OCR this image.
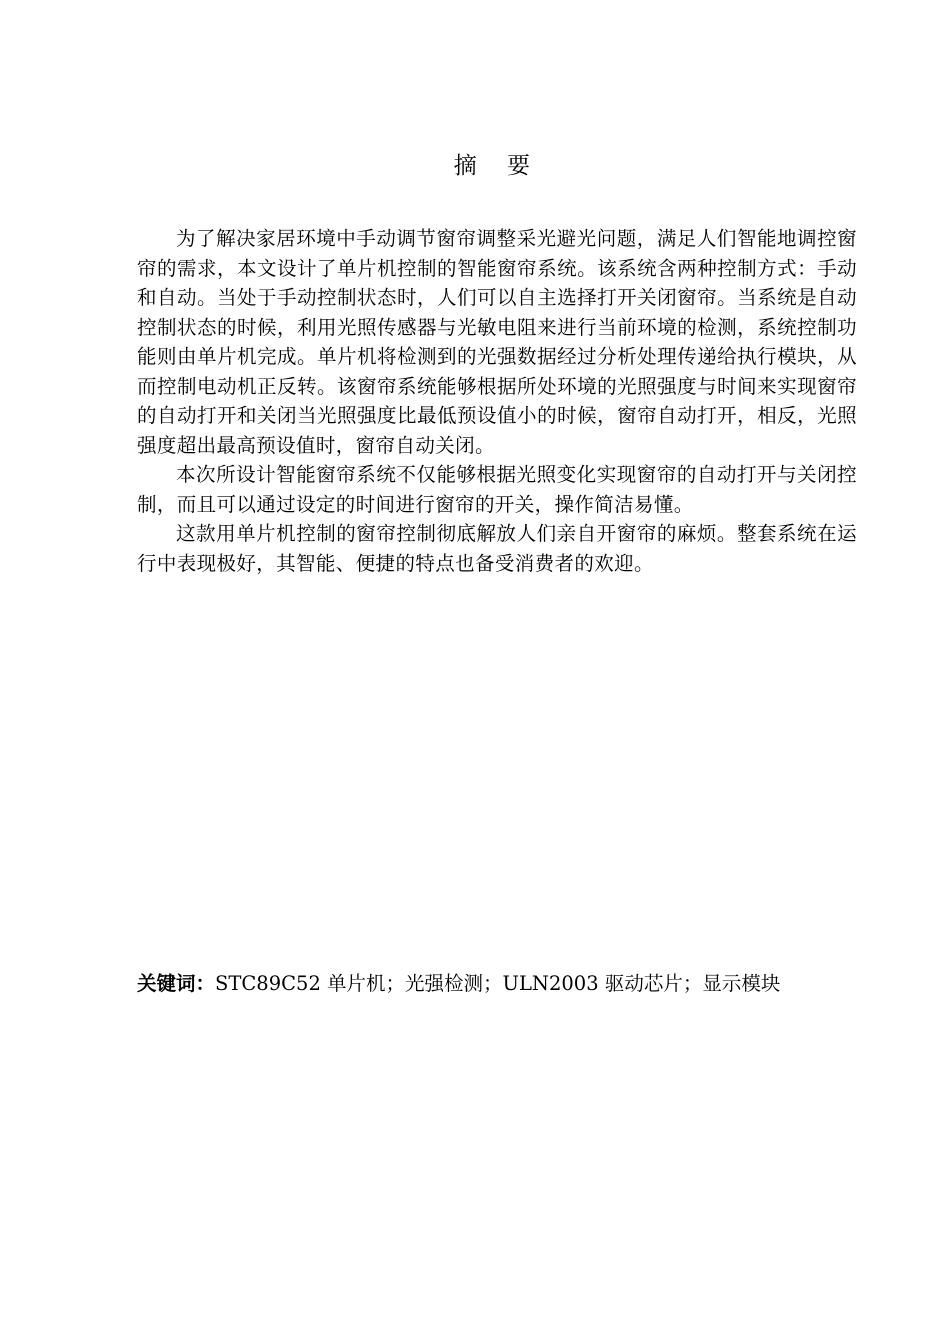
摘    要

为了解决家居环境中手动调节窗帘调整采光避光问题，满足人们智能地调控窗帘的需求，本文设计了单片机控制的智能窗帘系统。该系统含两种控制方式：手动和自动。当处于手动控制状态时，人们可以自主选择打开关闭窗帘。当系统是自动控制状态的时候，利用光照传感器与光敏电阻来进行当前环境的检测，系统控制功能则由单片机完成。单片机将检测到的光强数据经过分析处理传递给执行模块，从而控制电动机正反转。该窗帘系统能够根据所处环境的光照强度与时间来实现窗帘的自动打开和关闭当光照强度比最低预设值小的时候，窗帘自动打开，相反，光照强度超出最高预设值时，窗帘自动关闭。

本次所设计智能窗帘系统不仅能够根据光照变化实现窗帘的自动打开与关闭控制，而且可以通过设定的时间进行窗帘的开关，操作简洁易懂。

这款用单片机控制的窗帘控制彻底解放人们亲自开窗帘的麻烦。整套系统在运行中表现极好，其智能、便捷的特点也备受消费者的欢迎。

关键词：STC89C52 单片机；光强检测；ULN2003 驱动芯片；显示模块
